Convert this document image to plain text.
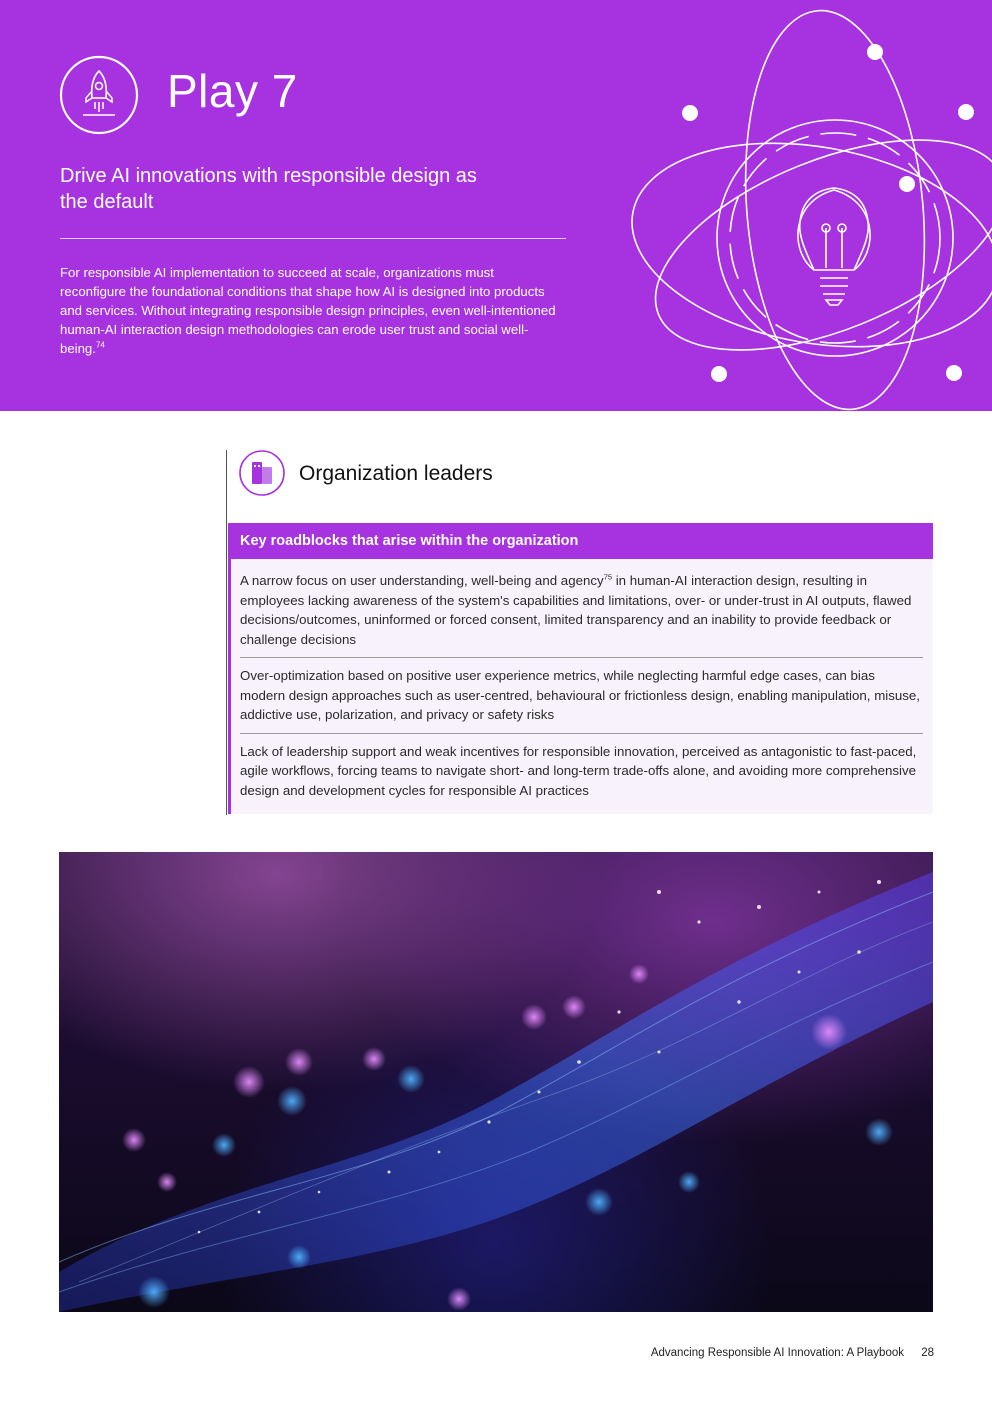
Play 7
Drive AI innovations with responsible design as the default
For responsible AI implementation to succeed at scale, organizations must reconfigure the foundational conditions that shape how AI is designed into products and services. Without integrating responsible design principles, even well-intentioned human-AI interaction design methodologies can erode user trust and social well-being.$^{74}$
Organization leaders
Key roadblocks that arise within the organization
A narrow focus on user understanding, well-being and agency$^{75}$ in human-AI interaction design, resulting in employees lacking awareness of the system's capabilities and limitations, over- or under-trust in AI outputs, flawed decisions/outcomes, uninformed or forced consent, limited transparency and an inability to provide feedback or challenge decisions
Over-optimization based on positive user experience metrics, while neglecting harmful edge cases, can bias modern design approaches such as user-centred, behavioural or frictionless design, enabling manipulation, misuse, addictive use, polarization, and privacy or safety risks
Lack of leadership support and weak incentives for responsible innovation, perceived as antagonistic to fast-paced, agile workflows, forcing teams to navigate short- and long-term trade-offs alone, and avoiding more comprehensive design and development cycles for responsible AI practices
Advancing Responsible AI Innovation: A Playbook 28
